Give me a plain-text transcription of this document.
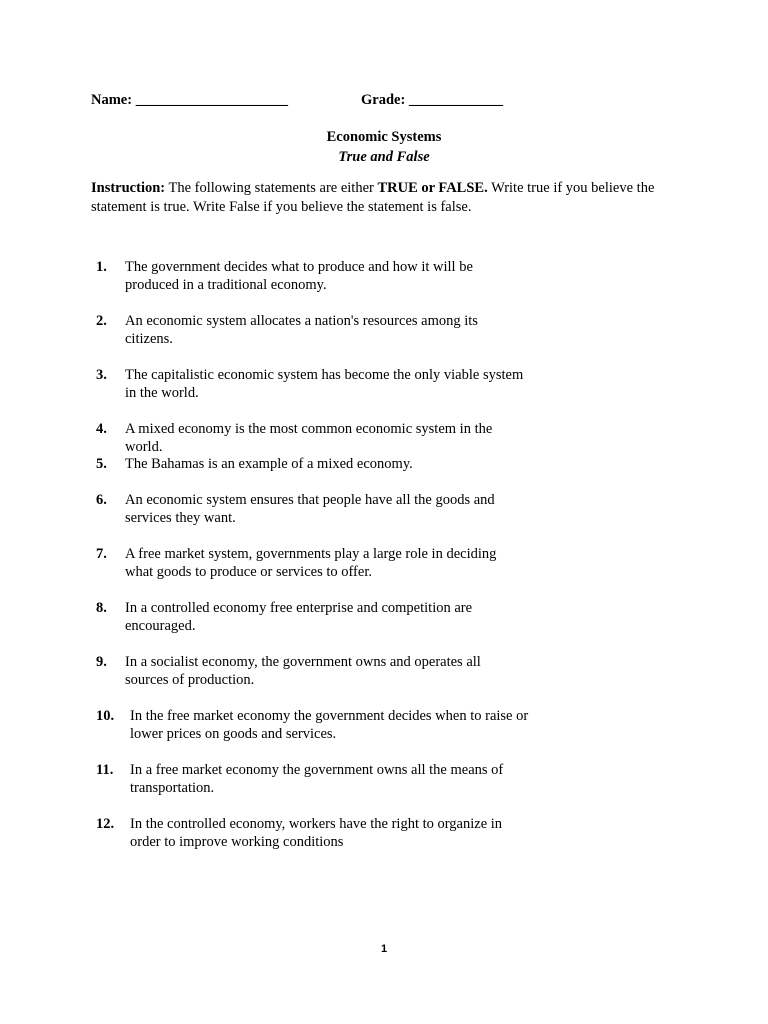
Name: _____________________	Grade: _____________
Economic Systems
True and False
Instruction: The following statements are either TRUE or FALSE. Write true if you believe the statement is true. Write False if you believe the statement is false.
1. The government decides what to produce and how it will be produced in a traditional economy.
2. An economic system allocates a nation's resources among its citizens.
3. The capitalistic economic system has become the only viable system in the world.
4. A mixed economy is the most common economic system in the world.
5. The Bahamas is an example of a mixed economy.
6. An economic system ensures that people have all the goods and services they want.
7. A free market system, governments play a large role in deciding what goods to produce or services to offer.
8. In a controlled economy free enterprise and competition are encouraged.
9. In a socialist economy, the government owns and operates all sources of production.
10. In the free market economy the government decides when to raise or lower prices on goods and services.
11. In a free market economy the government owns all the means of transportation.
12. In the controlled economy, workers have the right to organize in order to improve working conditions
1
